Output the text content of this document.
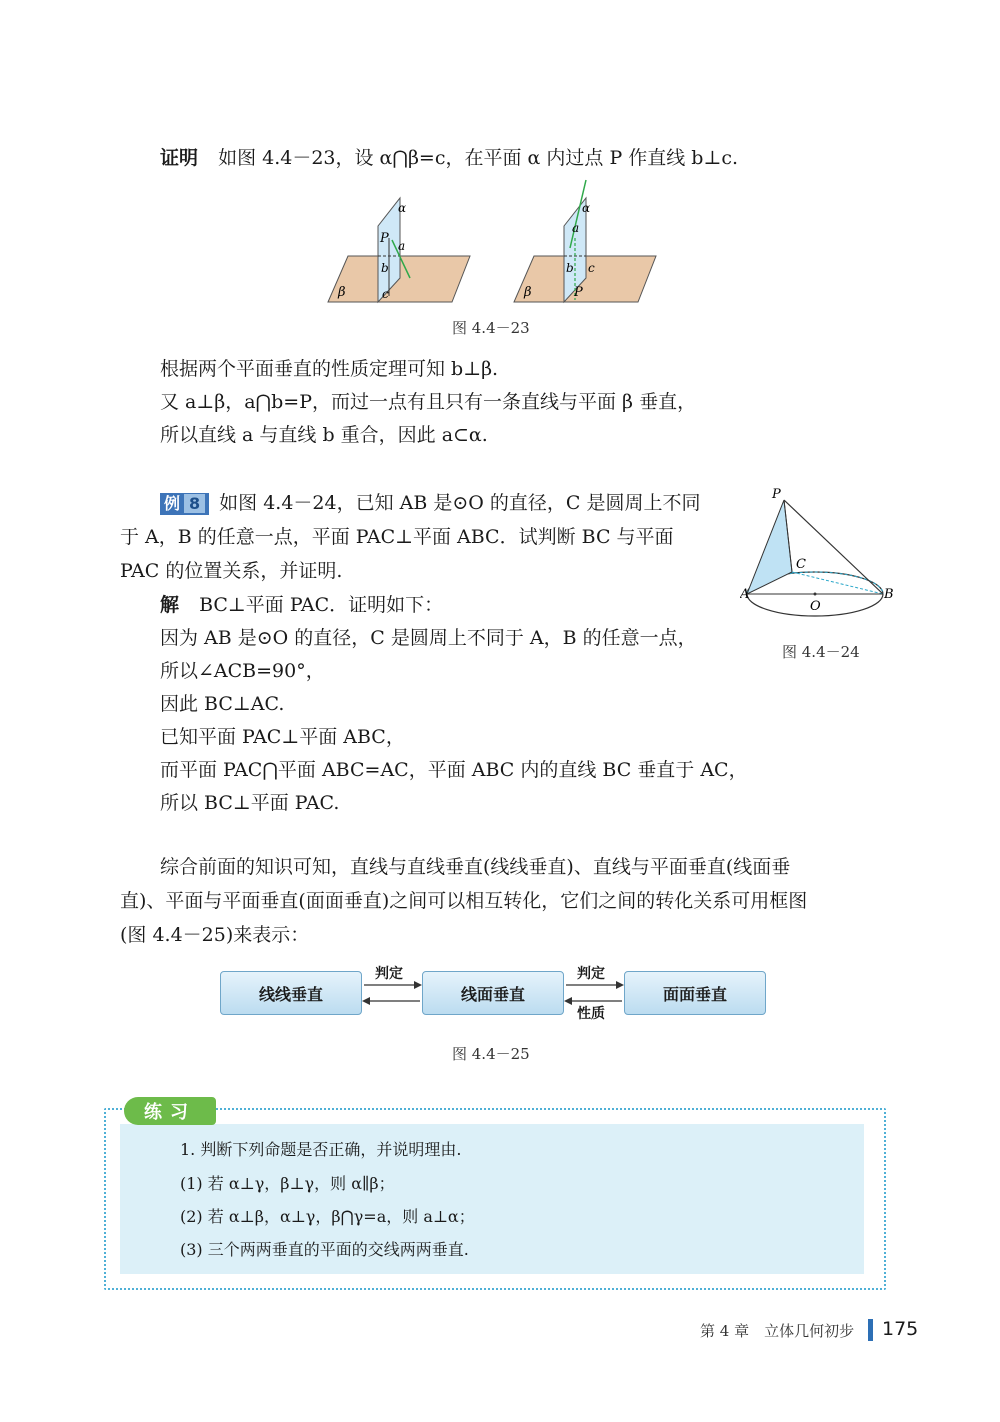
证明 如图 4.4－23，设 α⋂β=c，在平面 α 内过点 P 作直线 b⊥c.
α
P a
b
c
β
α
a
b c
P
β
图 4.4－23
根据两个平面垂直的性质定理可知 b⊥β.
又 a⊥β，a⋂b=P，而过一点有且只有一条直线与平面 β 垂直，
所以直线 a 与直线 b 重合，因此 a⊂α.
例 8 如图 4.4－24，已知 AB 是⊙O 的直径，C 是圆周上不同
于 A，B 的任意一点，平面 PAC⊥平面 ABC．试判断 BC 与平面
PAC 的位置关系，并证明.
解 BC⊥平面 PAC．证明如下：
因为 AB 是⊙O 的直径，C 是圆周上不同于 A，B 的任意一点，
所以∠ACB=90°，
因此 BC⊥AC.
已知平面 PAC⊥平面 ABC，
而平面 PAC⋂平面 ABC=AC，平面 ABC 内的直线 BC 垂直于 AC，
所以 BC⊥平面 PAC.
P
C
A
O
B
图 4.4－24
综合前面的知识可知，直线与直线垂直(线线垂直)、直线与平面垂直(线面垂
直)、平面与平面垂直(面面垂直)之间可以相互转化，它们之间的转化关系可用框图
(图 4.4－25)来表示：
线线垂直	线面垂直	面面垂直
判定	判定
性质
图 4.4－25
练习
1. 判断下列命题是否正确，并说明理由.
(1) 若 α⊥γ，β⊥γ，则 α∥β；
(2) 若 α⊥β，α⊥γ，β⋂γ=a，则 a⊥α；
(3) 三个两两垂直的平面的交线两两垂直.
第 4 章　立体几何初步 175
